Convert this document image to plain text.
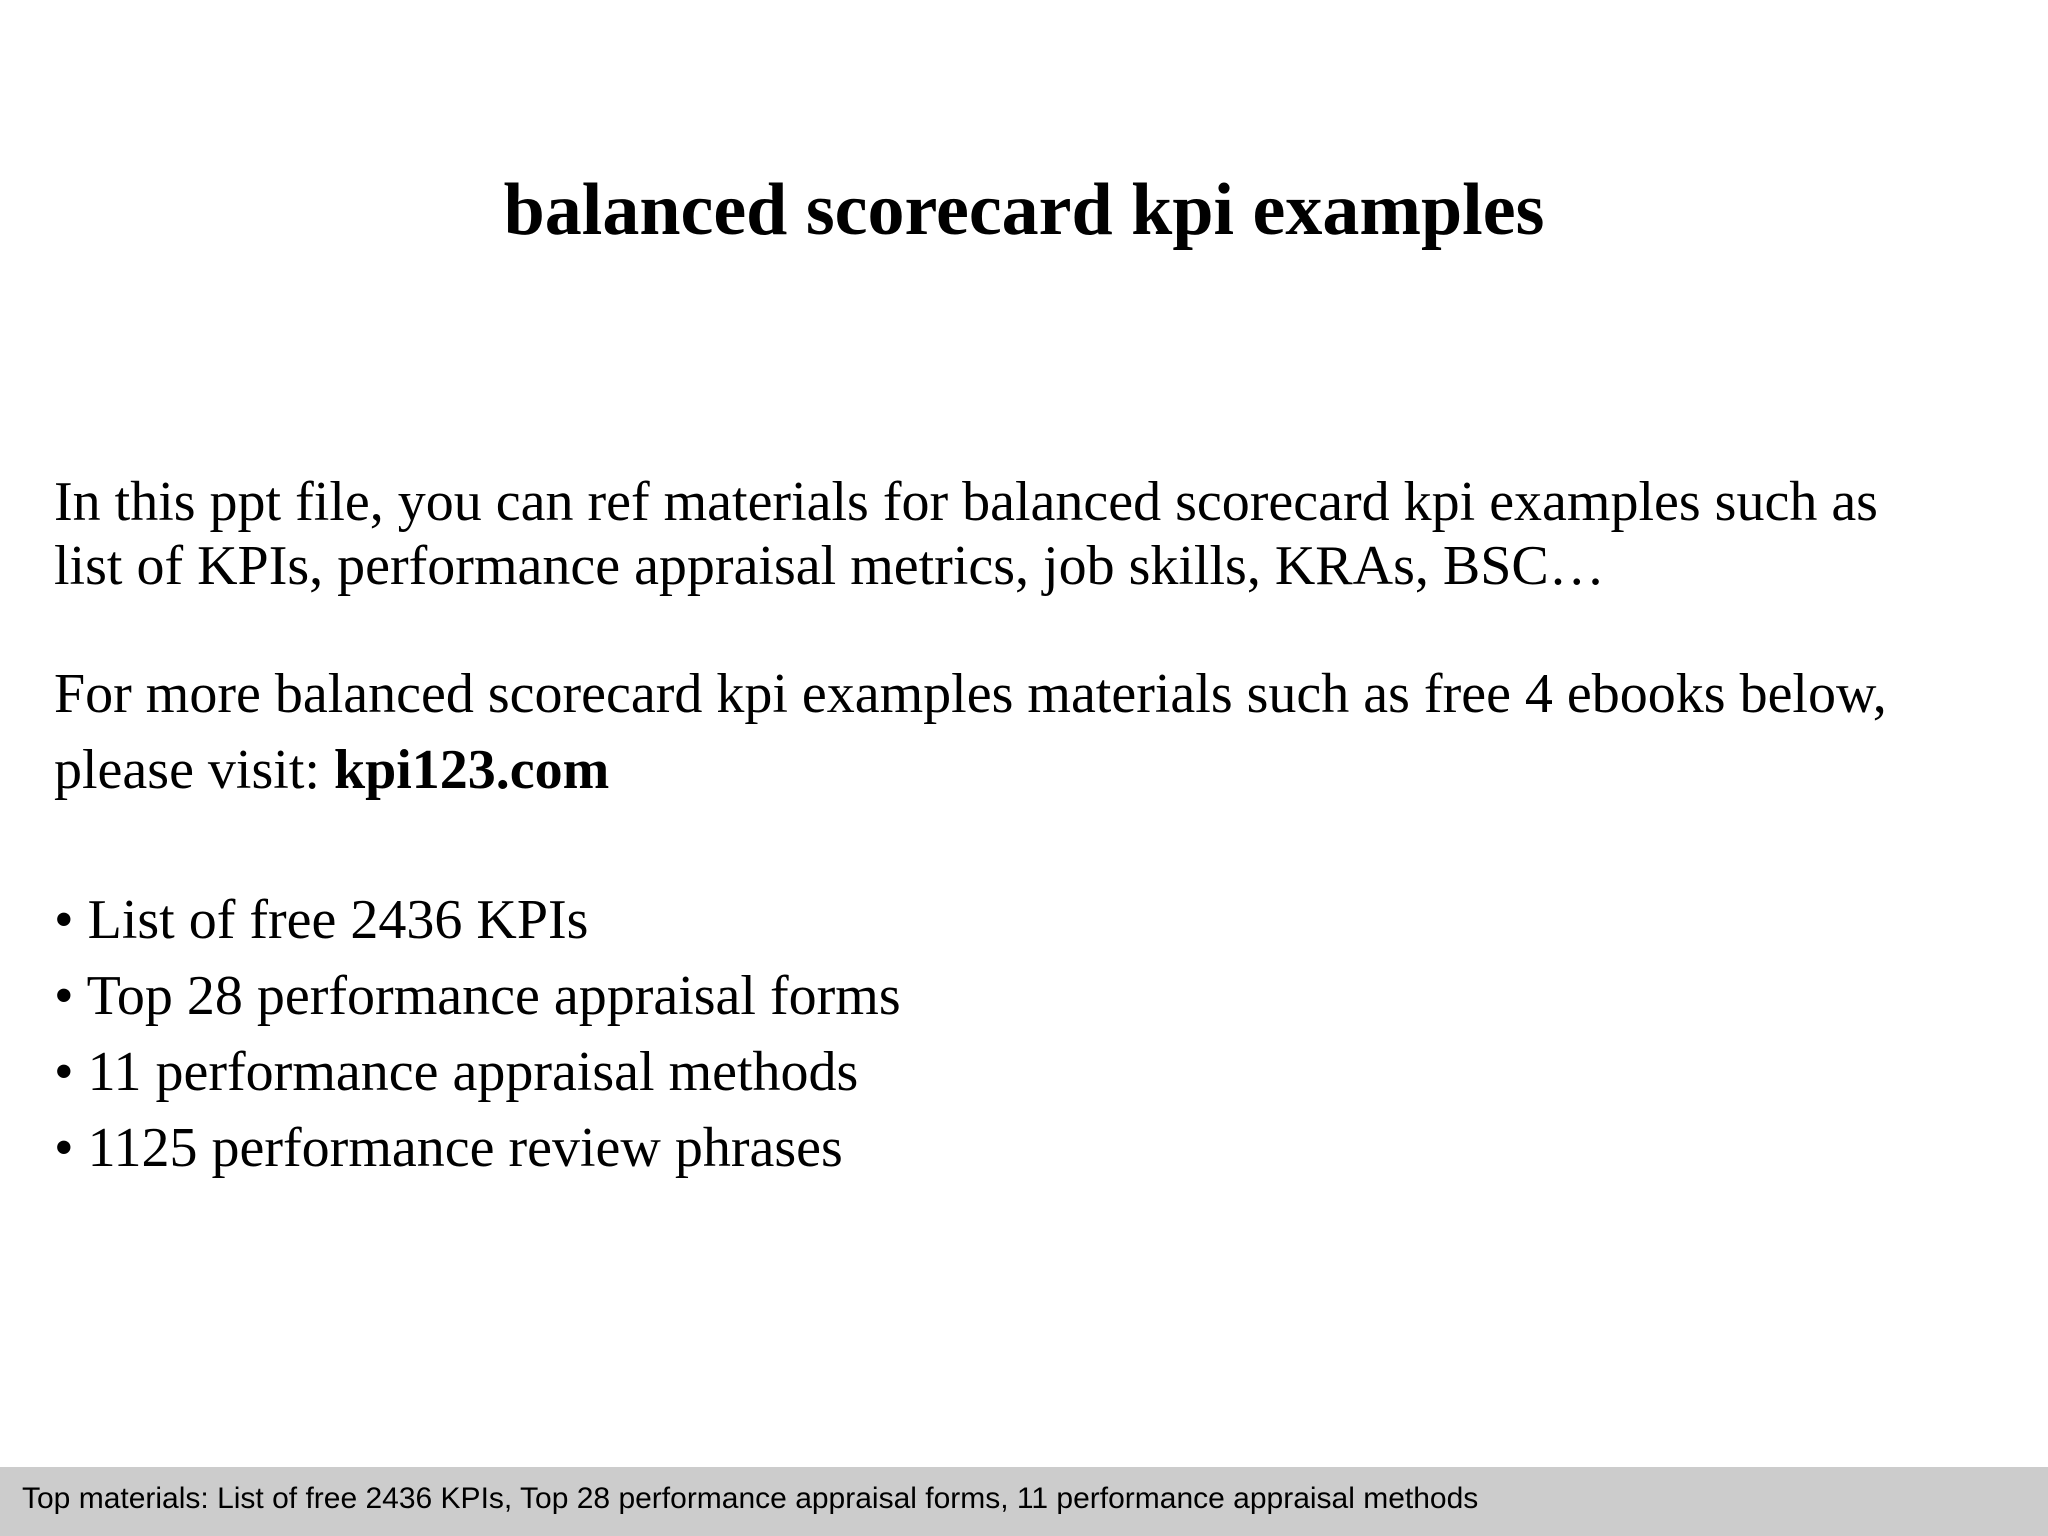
balanced scorecard kpi examples

In this ppt file, you can ref materials for balanced scorecard kpi examples such as
list of KPIs, performance appraisal metrics, job skills, KRAs, BSC…

For more balanced scorecard kpi examples materials such as free 4 ebooks below,
please visit: kpi123.com

• List of free 2436 KPIs
• Top 28 performance appraisal forms
• 11 performance appraisal methods
• 1125 performance review phrases
Top materials: List of free 2436 KPIs, Top 28 performance appraisal forms, 11 performance appraisal methods
